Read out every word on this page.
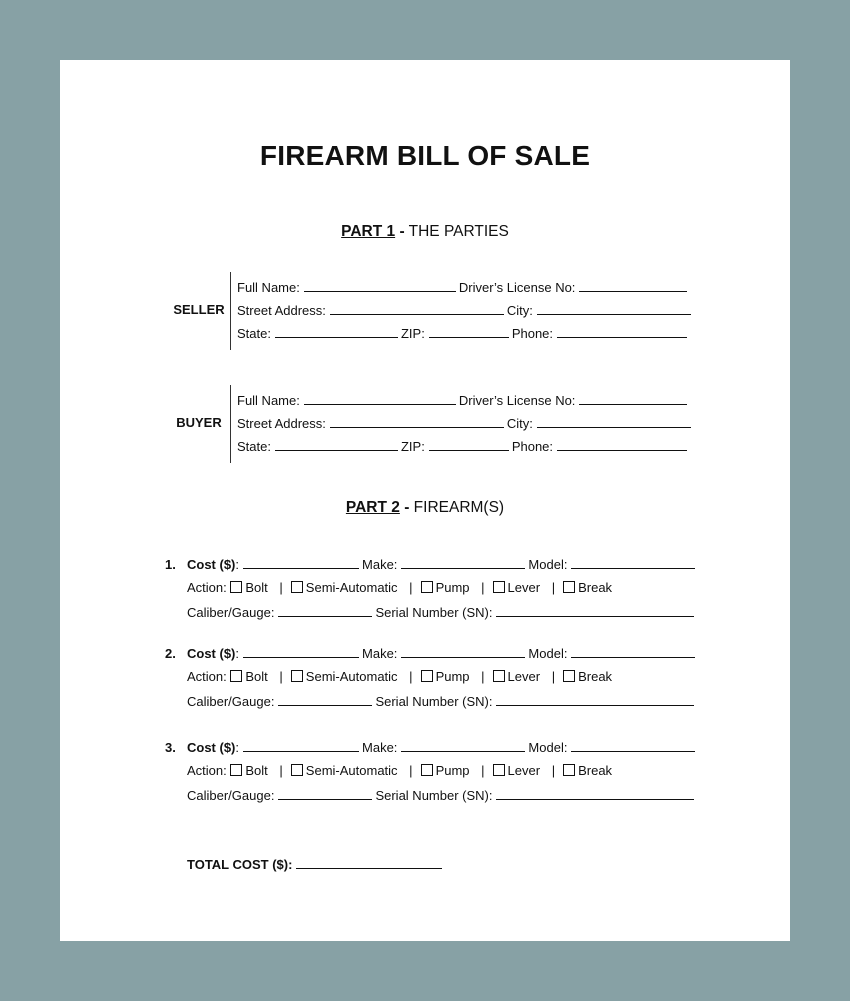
FIREARM BILL OF SALE
PART 1 - THE PARTIES
SELLER
Full Name:	Driver’s License No:
Street Address:	City:
State:	ZIP:	Phone:
BUYER
Full Name:	Driver’s License No:
Street Address:	City:
State:	ZIP:	Phone:
PART 2 - FIREARM(S)
1. Cost ($):	Make:	Model:
Action: Bolt | Semi-Automatic | Pump | Lever | Break
Caliber/Gauge:	Serial Number (SN):
2. Cost ($):	Make:	Model:
Action: Bolt | Semi-Automatic | Pump | Lever | Break
Caliber/Gauge:	Serial Number (SN):
3. Cost ($):	Make:	Model:
Action: Bolt | Semi-Automatic | Pump | Lever | Break
Caliber/Gauge:	Serial Number (SN):
TOTAL COST ($):
